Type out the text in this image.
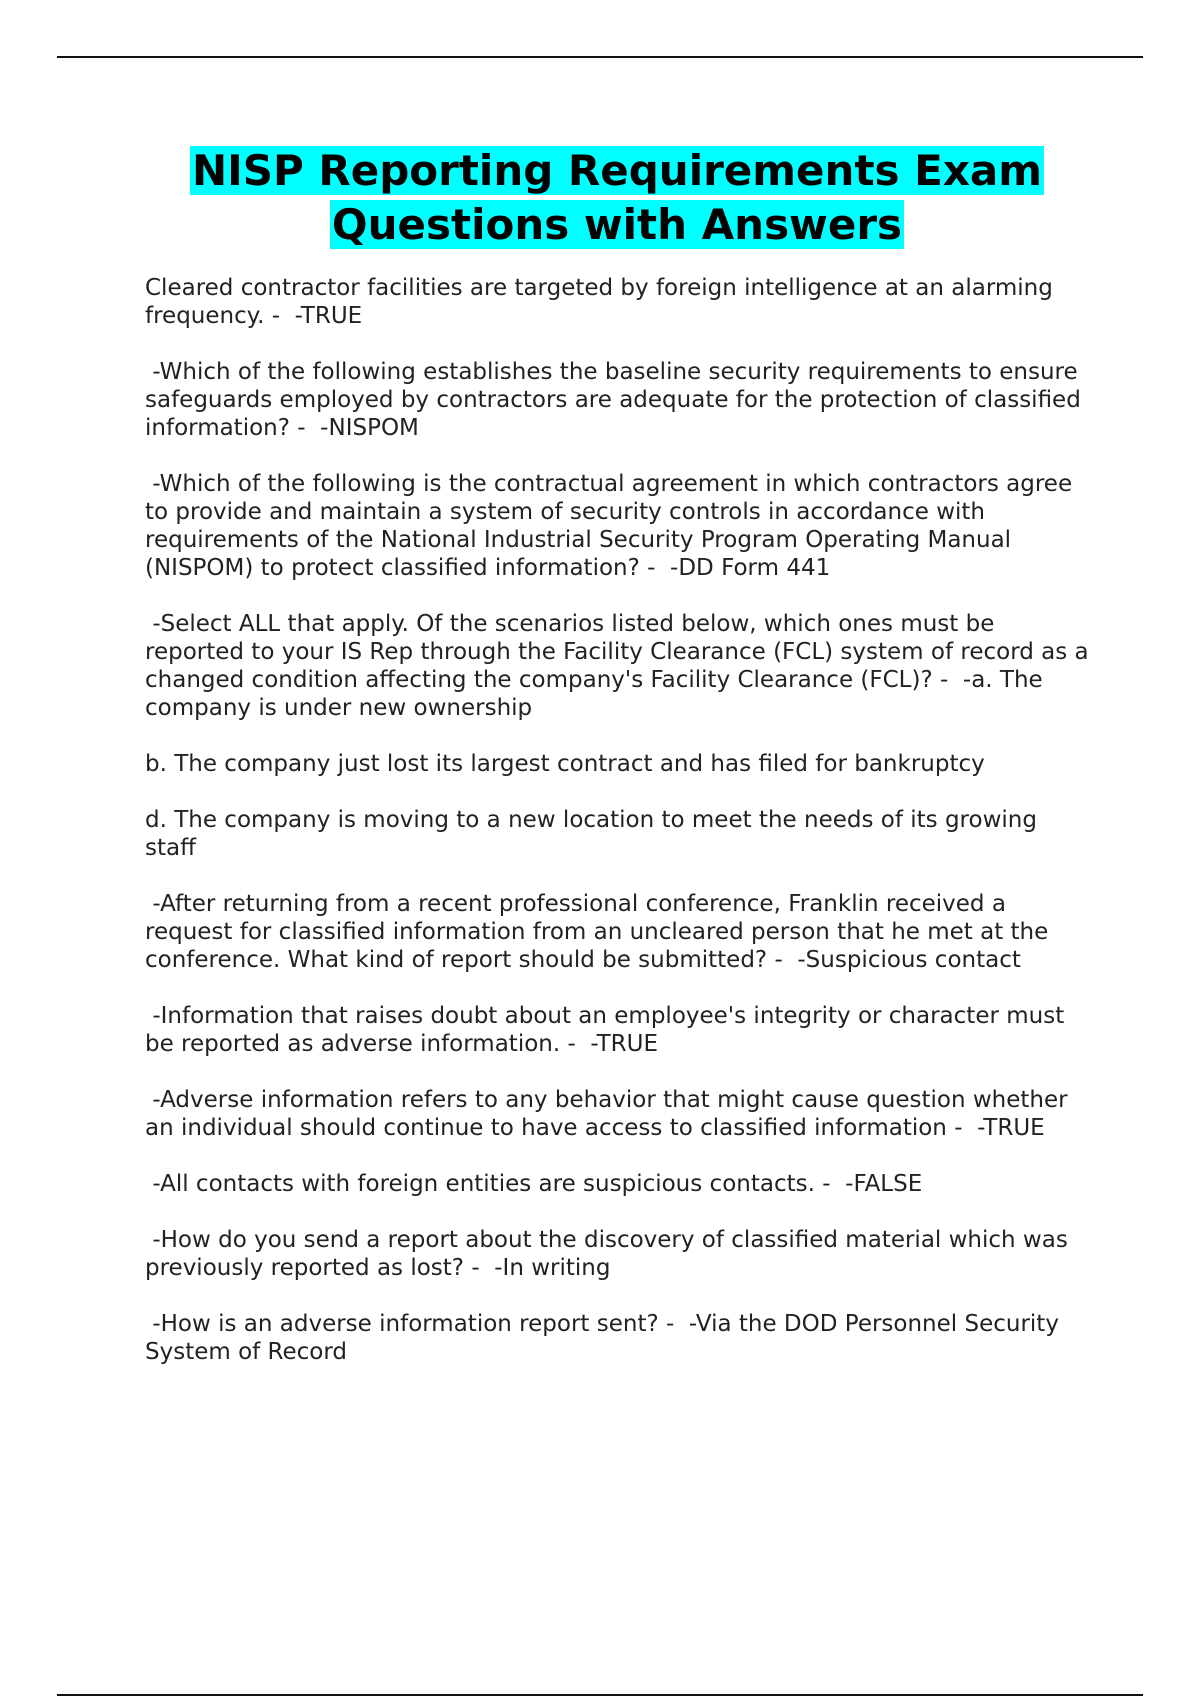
NISP Reporting Requirements Exam
Questions with Answers

Cleared contractor facilities are targeted by foreign intelligence at an alarming frequency. -  -TRUE

-Which of the following establishes the baseline security requirements to ensure safeguards employed by contractors are adequate for the protection of classified information? -  -NISPOM

-Which of the following is the contractual agreement in which contractors agree to provide and maintain a system of security controls in accordance with requirements of the National Industrial Security Program Operating Manual (NISPOM) to protect classified information? -  -DD Form 441

-Select ALL that apply. Of the scenarios listed below, which ones must be reported to your IS Rep through the Facility Clearance (FCL) system of record as a changed condition affecting the company's Facility Clearance (FCL)? -  -a. The company is under new ownership

b. The company just lost its largest contract and has filed for bankruptcy

d. The company is moving to a new location to meet the needs of its growing staff

-After returning from a recent professional conference, Franklin received a request for classified information from an uncleared person that he met at the conference. What kind of report should be submitted? -  -Suspicious contact

-Information that raises doubt about an employee's integrity or character must be reported as adverse information. -  -TRUE

-Adverse information refers to any behavior that might cause question whether an individual should continue to have access to classified information -  -TRUE

-All contacts with foreign entities are suspicious contacts. -  -FALSE

-How do you send a report about the discovery of classified material which was previously reported as lost? -  -In writing

-How is an adverse information report sent? -  -Via the DOD Personnel Security System of Record
